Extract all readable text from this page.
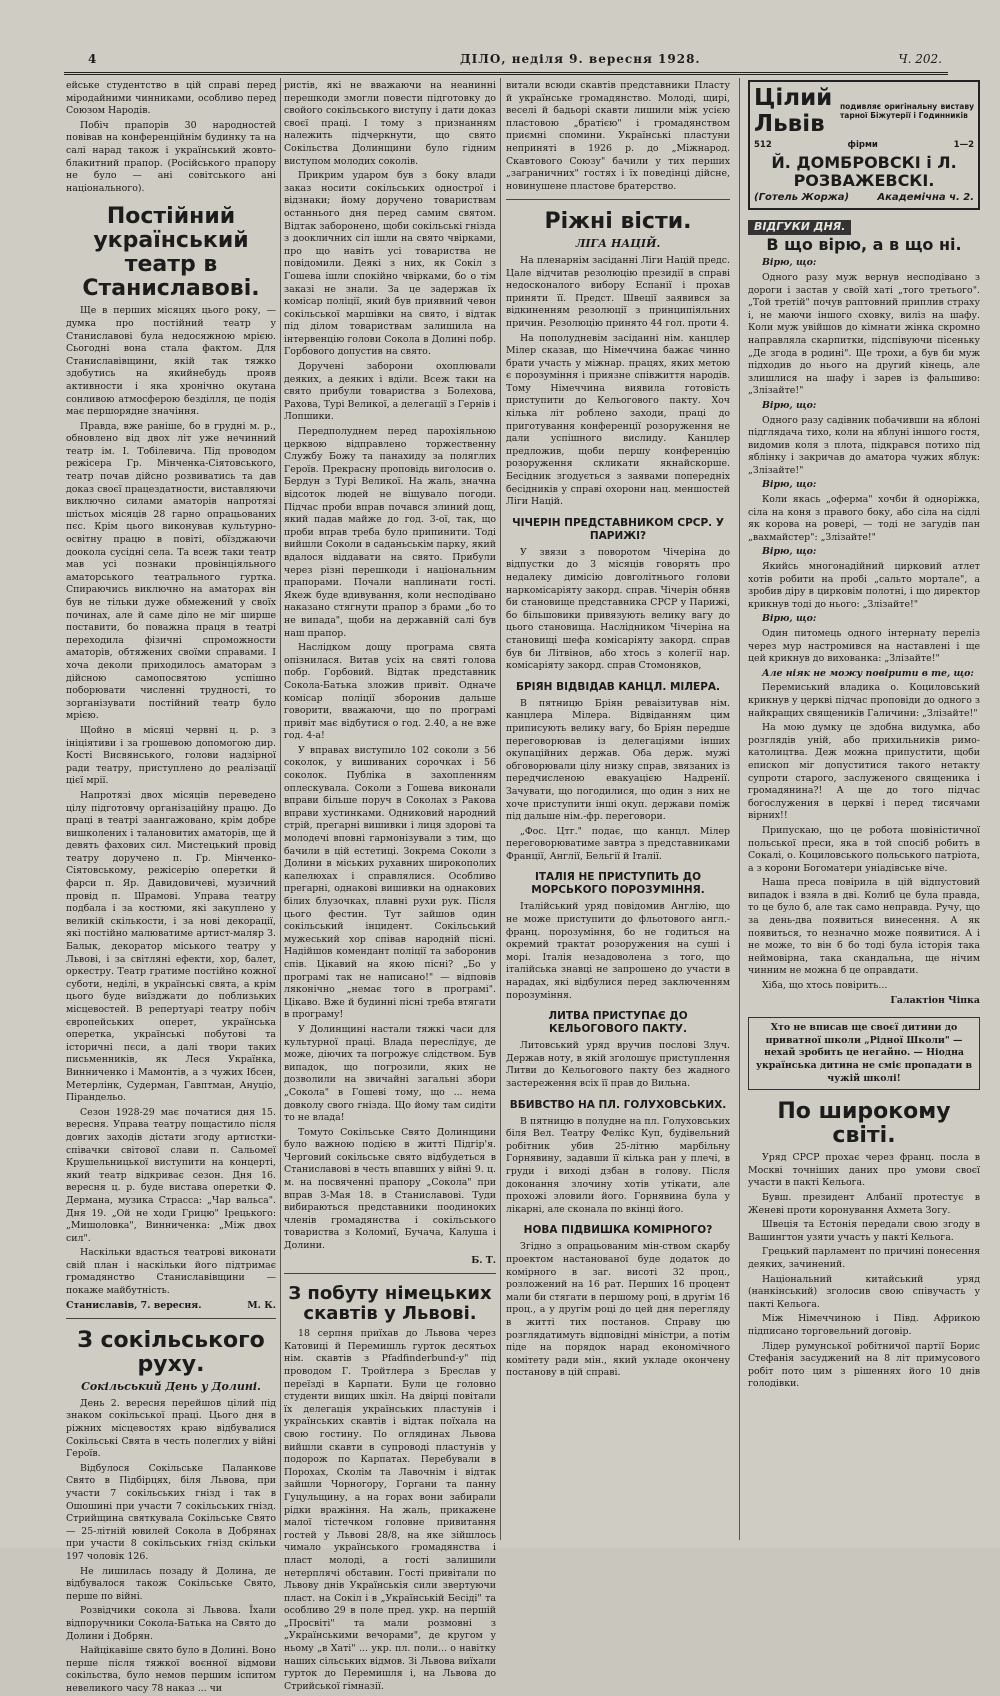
4	ДІЛО, неділя 9. вересня 1928.	Ч. 202.

ейське студентство в цій справі перед міродайними чинниками, особливо перед Союзом Народів.

Побіч прапорів 30 народностей повівав на конференційнім будинку та на салі нарад також і український жовто-блакитний прапор. (Російського прапору не було — ані совітського ані національного).

Постійний український театр в Станиславові.

Ще в перших місяцях цього року, — думка про постійний театр у Станиславові була недосяжною мрією. Сьогодні вона стала фактом. Для Станиславівщини, якій так тяжко здобутись на якийнебудь прояв активности і яка хронічно окутана сонливою атмосферою безділля, це подія має першорядне значіння.

Правда, вже раніше, бо в грудні м. р., обновлено від двох літ уже нечинний театр ім. І. Тобілевича. Під проводом режісера Гр. Мінченка-Сіятовського, театр почав дійсно розвиватись та дав доказ своєї працездатности, виставляючи виключно силами аматорів напротязі шістьох місяців 28 гарно опрацьованих пєс. Крім цього виконував культурно-освітну працю в повіті, обїзджаючи доокола сусідні села. Та всеж таки театр мав усі познаки провінціяльного аматорського театрального гуртка. Спираючись виключно на аматорах він був не тільки дуже обмежений у своїх починах, але й саме діло не міг ширше поставити, бо поважна праця в театрі переходила фізичні спроможности аматорів, обтяжених своїми справами. І хоча деколи приходилось аматорам з дійсною самопосвятою успішно поборювати численні трудності, то зорганізувати постійний театр було мрією.

Щойно в місяці червні ц. р. з ініціятиви і за грошевою допомогою дир. Кості Висвянського, голови надзірної ради театру, приступлено до реалізації цієї мрії.

Напротязі двох місяців переведено цілу підготовчу організаційну працю. До праці в театрі заангажовано, крім добре вишколених і талановитих аматорів, ще й девять фахових сил. Мистецький провід театру доручено п. Гр. Мінченко-Сіятовському, режісерію оперетки й фарси п. Яр. Давидовичеві, музичний провід п. Шрамові. Управа театру подбала і за костюми, які закуплено у великій скількости, і за нові декорації, які постійно малюватиме артист-маляр З. Балык, декоратор міського театру у Львові, і за світляні ефекти, хор, балет, оркестру. Театр гратиме постійно кожної суботи, неділі, в українські свята, а крім цього буде виїзджати до поблизьких місцевостей. В репертуарі театру побіч європейських оперет, українська оперетка, українські побутові та історичні пєси, а далі твори таких письменників, як Леся Українка, Винниченко і Мамонтів, а з чужих Ібсен, Метерлінк, Судерман, Гавптман, Ануціо, Пірандельо.

Сезон 1928-29 має початися дня 15. вересня. Управа театру пощастило після довгих заходів дістати згоду артистки-співачки світової слави п. Сальомеї Крушельницької виступити на концерті, який театр відкриває сезон. Дня 16. вересня ц. р. буде вистава оперетки Ф. Дермана, музика Страсса: „Чар вальса". Дня 19. „Ой не ходи Грицю" Ірецького: „Мишоловка", Винниченка: „Між двох сил".

Наскільки вдасться театрові виконати свій план і наскільки його підтримає громадянство Станиславівщини — покаже майбутність.

Станиславів, 7. вересня.	М. К.
З сокільського руху.
Сокільський День у Долині.

День 2. вересня перейшов цілий під знаком сокільської праці. Цього дня в ріжних місцевостях краю відбувалися Сокільські Свята в честь полеглих у війні Героїв.

Відбулося Сокільське Паланкове Свято в Підбірцях, біля Львова, при участи 7 сокільських гнізд і так в Ошошині при участи 7 сокільських гнізд. Стрийщина святкувала Сокільське Свято — 25-літній ювилей Сокола в Добрянах при участи 8 сокільських гнізд скільки 197 чоловік 126.

Не лишилась позаду й Долина, де відбувалося також Сокільське Свято, перше по війні.

Розвідчики сокола зі Львова. Їхали відпоручники Сокола-Батька на Свято до Долини і Добрян.

Найцікавіше свято було в Долині. Воно перше після тяжкої воєнної відмови сокільства, було немов першим іспитом невеликого часу 78 наказ ... чи

ристів, які не вважаючи на неанинні перешкоди змогли повести підготовку до свойого сокільського виступу і дати доказ своєї праці. І тому з признанням належить підчеркнути, що свято Сокільства Долинщини було гідним виступом молодих соколів.

Прикрим ударом був з боку влади заказ носити сокільських однострої і відзнаки; йому доручено товариствам останнього дня перед самим святом. Відтак заборонено, щоби сокільські гнізда з доокличних сіл ішли на свято чвірками, про що навіть усі товариства не повідомили. Деякі з них, як Сокіл з Гошева ішли спокійно чвірками, бо о тім заказі не знали. За це задержав їх комісар поліції, який був приявний чевон сокільської маршівки на свято, і відтак під ділом товариствам залишила на інтервенцію голови Сокола в Долині побр. Горбового допустив на свято.

Доручені заборони охоплювали деяких, а деяких і вділи. Всеж таки на свято прибули товариства з Болехова, Рахова, Турі Великої, а делегації з Гернів і Лопшики.

Передполуднем перед парохіяльною церквою відправлено торжественну Службу Божу та панахиду за поляглих Героїв. Прекрасну проповідь виголосив о. Бердун з Турі Великої. На жаль, значна відсоток людей не віщувало погоди. Підчас проби вправ почався злиний дощ, який падав майже до год. 3-ої, так, що проби вправ треба було припинити. Тоді вийшли Соколи в саданьськім парку, який вдалося віддавати на свято. Прибули через різні перешкоди і національним прапорами. Почали наплинати гості. Якеж буде вдивування, коли несподівано наказано стягнути прапор з брами „бо то не випада", щоби на державній салі був наш прапор.

Наслідком дощу програма свята опізнилася. Витав усіх на святі голова побр. Горбовий. Відтак представник Сокола-Батька зложив привіт. Одначе комісар поліції зборонив дальше говорити, вважаючи, що по програмі привіт має відбутися о год. 2.40, а не вже год. 4-а!

У вправах виступило 102 соколи з 56 соколок, у вишиваних сорочках і 56 соколок. Публіка в захопленням оплескувала. Соколи з Гошева виконали вправи більше поруч в Соколах з Ракова вправи хустинками. Одниковий народний стрій, прегарні вишивки і лиця здорові та молодечі вповні гармонізували з тим, що бачили в цій естетиці. Зокрема Соколи з Долини в міських рухавних широкополих капелюхах і справлялися. Особливо прегарні, однакові вишивки на однакових білих блузочках, плавні рухи рук. Після цього фестин. Тут зайшов один сокільський інцидент. Сокільський мужеський хор співав народній пісні. Надійшов комендант поліції та заборонив спів. Цікавий на якою пісні? „Бо у програмі так не написано!" — відповів ляконічно „немає того в програмі". Цікаво. Вже й будинні пісні треба втягати в програму!

У Долинщині настали тяжкі часи для культурної праці. Влада переслідує, де може, діючих та погрожує слідством. Був випадок, що погрозили, яких не дозволили на звичайні загальні збори „Сокола" в Гошеві тому, що ... нема довколу свого гнізда. Що йому там сидіти то не влада!

Томуто Сокільське Свято Долинщини було важною подією в житті Підгір'я. Черговий сокільське свято відбудеться в Станиславові в честь впавших у війні 9. ц. м. на посвяченні прапору „Сокола" при вправ 3-Мая 18. в Станиславові. Туди вибираються представники поодиноких членів громадянства і сокільського товариства з Коломиї, Бучача, Калуша і Долини.

Б. Т.
З побуту німецьких скавтів у Львові.

18 серпня приїхав до Львова через Катовиці й Перемишль гурток десятьох нім. скавтів з Pfadfinderbund-у" під проводом Г. Тройтлера з Бреслав у переїзді в Карпати. Були це головно студенти вищих шкіл. На двірці повітали їх делегація українських пластунів і українських скавтів і відтак поїхала на свою гостину. По оглядинах Львова вийшли скавти в супроводі пластунів у подорож по Карпатах. Перебували в Порохах, Сколім та Лавочнім і відтак зайшли Чорногору, Горгани та панну Гуцульщину, а на горах вони забирали рідки вражіння. На жаль, прикажене малої тістечком головне привитання гостей у Львові 28/8, на яке зійшлось чимало українського громадянства і пласт молоді, а гості залишили нетерплячі обставин. Гості привітали по Львову днів Українськія сили звертуючи пласт. на Сокіл і в „Українській Бесіді" та особливо 29 в поле пред. укр. на першій „Просвіті" та мали розмовні з „Українськими вечорами", де кругом у ньому „в Хаті" ... укр. пл. поли... о навітку наших сільських відмов. Зі Львова виїхали гурток до Перемишля і, на Львова до Стрийської гімназії.

витали всюди скавтів представники Пласту й українське громадянство. Молоді, щирі, веселі й бадьорі скавти лишили між усією пластовою „братією" і громадянством приємні спомини. Українські пластуни неприняті в 1926 р. до „Міжнарод. Скавтового Союзу" бачили у тих перших „заграничних" гостях і їх поведінці дійсне, новинушене пластове братерство.

Ріжні вісти.
ЛІГА НАЦІЙ.

На пленарнім засіданні Ліги Націй предс. Цале відчитав резолюцію президії в справі недосконалого вибору Еспанії і прохав приняти її. Предст. Швеції заявився за відкиненням резолюції з принципіяльних причин. Резолюцію принято 44 гол. проти 4.

На пополудневім засіданні нім. канцлер Мілер сказав, що Німеччина бажає чинно брати участь у міжнар. працях, яких метою є порозуміння і приязне співжиття народів. Тому Німеччина виявила готовість приступити до Кельогового пакту. Хоч кілька літ роблено заходи, праці до приготування конференції розоруження не дали успішного вислиду. Канцлер предложив, щоби першу конференцію розоруження скликати якнайскорше. Бесідник згодується з заявами попередніх бесідників у справі охорони нац. меншостей Ліги Націй.

ЧІЧЕРІН ПРЕДСТАВНИКОМ СРСР. У ПАРИЖІ?

У звязи з поворотом Чічеріна до відпустки до 3 місяців говорять про недалеку димісію довголітнього голови наркомісаріяту закорд. справ. Чічерін обняв би становище представника СРСР у Парижі, бо більшовики привязують велику вагу до цього становища. Наслідником Чічеріна на становищі шефа комісаріяту закорд. справ був би Літвінов, або хтось з колегії нар. комісаріяту закорд. справ Стомоняков,

БРІЯН ВІДВІДАВ КАНЦЛ. МІЛЕРА.

В пятницю Бріян реваізитував нім. канцлера Мілера. Відвіданням цим приписують велику вагу, бо Бріян передше переговорював із делегаціями інших окупаційних держав. Оба держ. мужі обговорювали цілу низку справ, звязаних із передчисленою евакуацією Надренії. Зачувати, що погодилися, що один з них не хоче приступити інші окуп. держави поміж під дальше нім.-фр. переговори.

„Фос. Цтг." подає, що канцл. Мілер переговорюватиме завтра з представниками Франції, Англії, Бельгії й Італії.

ІТАЛІЯ НЕ ПРИСТУПИТЬ ДО МОРСЬКОГО ПОРОЗУМІННЯ.

Італійський уряд повідомив Англію, що не може приступити до фльотового англ.-франц. порозуміння, бо не годиться на окремий трактат розоружения на суші і морі. Італія незадоволена з того, що італійська знавці не запрошено до участи в нарадах, які відбулися перед заключенням порозуміння.

ЛИТВА ПРИСТУПАЄ ДО КЕЛЬОГОВОГО ПАКТУ.

Литовський уряд вручив послові Злуч. Держав ноту, в якій зголошує приступлення Литви до Кельогового пакту без жадного застереження всіх її прав до Вильна.

ВБИВСТВО НА ПЛ. ГОЛУХОВСЬКИХ.

В пятницю в полудне на пл. Голуховських біля Вел. Театру Фелікс Куп, будівельний робітник убив 25-літню марбільну Горнявину, задавши її кілька ран у плечі, в груди і виході дзбан в голову. Після доконання злочину хотів утікати, але прохожі зловили його. Горнявина була у лікарні, але сконала по вкінці його.

НОВА ПІДВИШКА КОМІРНОГО?

Згідно з опрацьованим мін-ством скарбу проектом настанованої буде додаток до комірного в заг. висоті 32 проц., розложений на 16 рат. Перших 16 процент мали би стягати в першому році, в другім 16 проц., а у другім році до цей дня перегляду в житті тих постанов. Справу цю розглядатимуть відповідні міністри, а потім піде на порядок нарад економічного комітету ради мін., який укладе окончену постанову в цій справі.

Цілий Львів
подивляє оригінальну виставу тарної Біжутерії і Годинників
512	фірми	1—2
Й. ДОМБРОВСКІ і Л. РОЗВАЖЕВСКІ.
(Готель Жоржа)	Академічна ч. 2.
ВІДГУКИ ДНЯ.
В що вірю, а в що ні.

Вірю, що:

Одного разу муж вернув несподівано з дороги і застав у своїй хаті „того третього". „Той третій" почув раптовний приплив страху і, не маючи іншого сховку, виліз на шафу. Коли муж увійшов до кімнати жінка скромно направляла скарпитки, підспівуючи пісеньку „Де згода в родині". Ще трохи, а був би муж підходив до нього на другий кінець, але злишлися на шафу і зарев із фальшиво: „Злізайте!"

Вірю, що:

Одного разу садівник побачивши на яблоні підглядача тихо, коли на яблуні іншого гостя, видомив коля з плота, підкрався потихо під яблінку і закричав до аматора чужих яблук: „Злізайте!"

Вірю, що:

Коли якась „оферма" хочби й одноріжка, сіла на коня з правого боку, або сіла на сідлі як корова на ровері, — тоді не загудів пан „вахмайстер": „Злізайте!"

Вірю, що:

Якийсь многонадійний цирковий атлет хотів робити на пробі „сальто мортале", а зробив діру в цирковім полотні, і що директор крикнув тоді до нього: „Злізайте!"

Вірю, що:

Один питомець одного інтернату переліз через мур настромився на наставлені і ще цей крикнув до вихованка: „Злізайте!"

Але ніяк не можу повірити в те, що:

Перемиський владика о. Коциловський крикнув у церкві підчас проповіди до одного з найкращих священиків Галичини: „Злізайте!"

На мою думку це здобна видумка, або розглядів уній, або прихильників римо-католицтва. Деж можна припустити, щоби епископ міг допуститися такого нетакту супроти старого, заслуженого священика і громадянина?! А ще до того підчас богослужения в церкві і перед тисячами вірних!!

Припускаю, що це робота шовіністичної польської преси, яка в той спосіб робить в Сокалі, о. Коциловського польського патріота, а з корони Богоматери уніадівське віче.

Наша преса повірила в цій відпустовий випадок і взяла в дві. Колиб це була правда, то це було б, але так само неправда. Ручу, що за день-два появиться винесення. А як появиться, то незначно може появитися. А і не може, то він б бо тоді була історія така неймовірна, така скандальна, ще нічим чинним не можна б це оправдати.

Хіба, що хтось повірить...

Галактіон Чіпка
Хто не вписав ще своєї дитини до приватної школи „Рідної Школи" — нехай зробить це негайно. — Ніодна українська дитина не сміє пропадати в чужій школі!
По широкому світі.

Уряд СРСР прохає через франц. посла в Москві точніших даних про умови своєї участи в пакті Кельога.

Бувш. президент Албанії протестує в Женеві проти коронування Ахмета Зогу.

Швеція та Естонія передали свою згоду в Вашингтон узяти участь у пакті Кельога.

Грецький парламент по причині понесення деяких, зачинений.

Національний китайський уряд (нанкінський) зголосив свою співучасть у пакті Кельога.

Між Німеччиною і Півд. Африкою підписано торговельний договір.

Лідер румунської робітничої партії Борис Стефанія засуджений на 8 літ примусового робіт пото цим з рішеннях його 10 днів голодівки.
